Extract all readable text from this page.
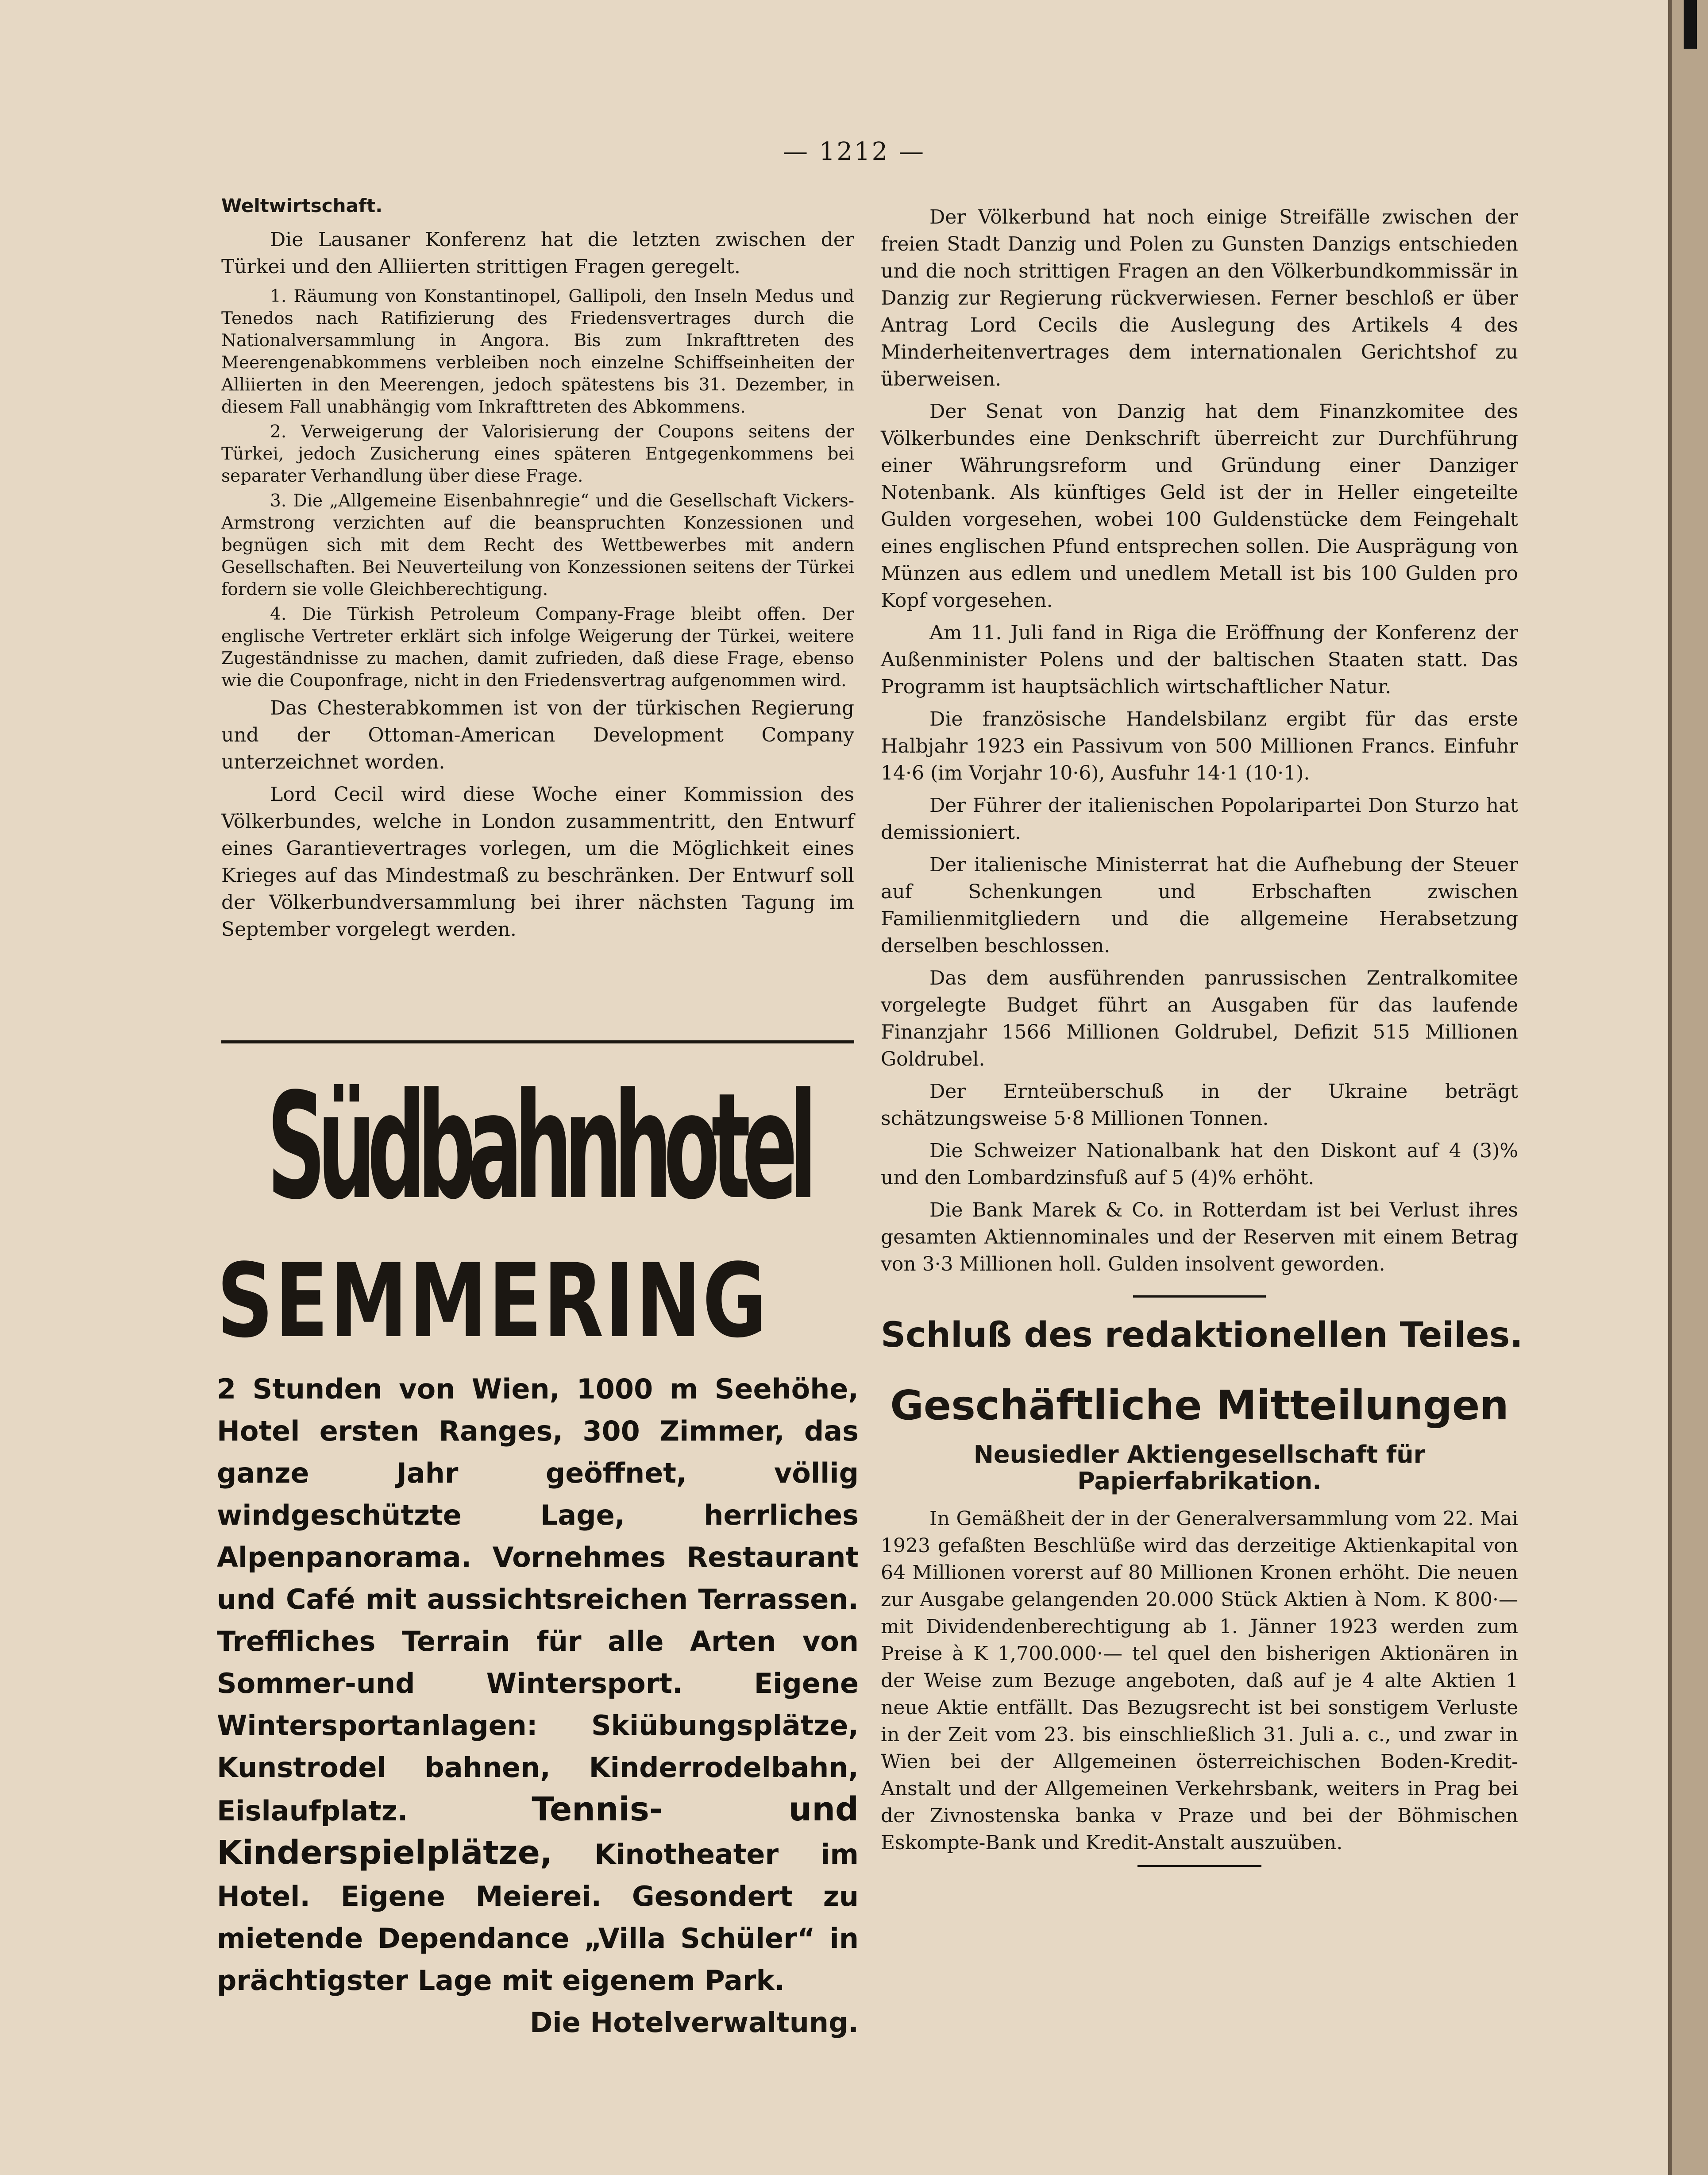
— 1212 —
Weltwirtschaft.

Die Lausaner Konferenz hat die letzten zwischen der Türkei und den Alliierten strittigen Fragen geregelt.

1. Räumung von Konstantinopel, Gallipoli, den Inseln Medus und Tenedos nach Ratifizierung des Friedensvertrages durch die Nationalversammlung in Angora. Bis zum Inkrafttreten des Meerengenabkommens verbleiben noch einzelne Schiffseinheiten der Alliierten in den Meerengen, jedoch spätestens bis 31. Dezember, in diesem Fall unabhängig vom Inkrafttreten des Abkommens.

2. Verweigerung der Valorisierung der Coupons seitens der Türkei, jedoch Zusicherung eines späteren Entgegenkommens bei separater Verhandlung über diese Frage.

3. Die „Allgemeine Eisenbahnregie“ und die Gesellschaft Vickers-Armstrong verzichten auf die beanspruchten Konzessionen und begnügen sich mit dem Recht des Wettbewerbes mit andern Gesellschaften. Bei Neuverteilung von Konzessionen seitens der Türkei fordern sie volle Gleichberechtigung.

4. Die Türkish Petroleum Company-Frage bleibt offen. Der englische Vertreter erklärt sich infolge Weigerung der Türkei, weitere Zugeständnisse zu machen, damit zufrieden, daß diese Frage, ebenso wie die Couponfrage, nicht in den Friedensvertrag aufgenommen wird.

Das Chesterabkommen ist von der türkischen Regierung und der Ottoman-American Development Company unterzeichnet worden.

Lord Cecil wird diese Woche einer Kommission des Völkerbundes, welche in London zusammentritt, den Entwurf eines Garantievertrages vorlegen, um die Möglichkeit eines Krieges auf das Mindestmaß zu beschränken. Der Entwurf soll der Völkerbundversammlung bei ihrer nächsten Tagung im September vorgelegt werden.

Südbahnhotel
SEMMERING
2 Stunden von Wien, 1000 m Seehöhe, Hotel ersten Ranges, 300 Zimmer, das ganze Jahr geöffnet, völlig windgeschützte Lage, herrliches Alpenpanorama. Vornehmes Restaurant und Café mit aussichtsreichen Terrassen. Treffliches Terrain für alle Arten von Sommer-und Wintersport. Eigene Wintersportanlagen: Skiübungsplätze, Kunstrodel bahnen, Kinderrodelbahn, Eislaufplatz.	Tennis- und Kinderspielplätze, Kinotheater im Hotel. Eigene Meierei. Gesondert zu mietende Dependance „Villa Schüler“ in prächtigster Lage mit eigenem Park.
Die Hotelverwaltung.

Der Völkerbund hat noch einige Streifälle zwischen der freien Stadt Danzig und Polen zu Gunsten Danzigs entschieden und die noch strittigen Fragen an den Völkerbundkommissär in Danzig zur Regierung rückverwiesen. Ferner beschloß er über Antrag Lord Cecils die Auslegung des Artikels 4 des Minderheitenvertrages dem internationalen Gerichtshof zu überweisen.

Der Senat von Danzig hat dem Finanzkomitee des Völkerbundes eine Denkschrift überreicht zur Durchführung einer Währungsreform und Gründung einer Danziger Notenbank. Als künftiges Geld ist der in Heller eingeteilte Gulden vorgesehen, wobei 100 Guldenstücke dem Feingehalt eines englischen Pfund entsprechen sollen. Die Ausprägung von Münzen aus edlem und unedlem Metall ist bis 100 Gulden pro Kopf vorgesehen.

Am 11. Juli fand in Riga die Eröffnung der Konferenz der Außenminister Polens und der baltischen Staaten statt. Das Programm ist hauptsächlich wirtschaftlicher Natur.

Die französische Handelsbilanz ergibt für das erste Halbjahr 1923 ein Passivum von 500 Millionen Francs. Einfuhr 14·6 (im Vorjahr 10·6), Ausfuhr 14·1 (10·1).

Der Führer der italienischen Popolaripartei Don Sturzo hat demissioniert.

Der italienische Ministerrat hat die Aufhebung der Steuer auf Schenkungen und Erbschaften zwischen Familienmitgliedern und die allgemeine Herabsetzung derselben beschlossen.

Das dem ausführenden panrussischen Zentralkomitee vorgelegte Budget führt an Ausgaben für das laufende Finanzjahr 1566 Millionen Goldrubel, Defizit 515 Millionen Goldrubel.

Der Ernteüberschuß in der Ukraine beträgt schätzungsweise 5·8 Millionen Tonnen.

Die Schweizer Nationalbank hat den Diskont auf 4 (3)% und den Lombardzinsfuß auf 5 (4)% erhöht.

Die Bank Marek & Co. in Rotterdam ist bei Verlust ihres gesamten Aktiennominales und der Reserven mit einem Betrag von 3·3 Millionen holl. Gulden insolvent geworden.

Schluß des redaktionellen Teiles.
Geschäftliche Mitteilungen
Neusiedler Aktiengesellschaft für Papierfabrikation.

In Gemäßheit der in der Generalversammlung vom 22. Mai 1923 gefaßten Beschlüße wird das derzeitige Aktienkapital von 64 Millionen vorerst auf 80 Millionen Kronen erhöht. Die neuen zur Ausgabe gelangenden 20.000 Stück Aktien à Nom. K 800·— mit Dividendenberechtigung ab 1. Jänner 1923 werden zum Preise à K 1,700.000·— tel quel den bisherigen Aktionären in der Weise zum Bezuge angeboten, daß auf je 4 alte Aktien 1 neue Aktie entfällt. Das Bezugsrecht ist bei sonstigem Verluste in der Zeit vom 23. bis einschließlich 31. Juli a. c., und zwar in Wien bei der Allgemeinen österreichischen Boden-Kredit-Anstalt und der Allgemeinen Verkehrsbank, weiters in Prag bei der Zivnostenska banka v Praze und bei der Böhmischen Eskompte-Bank und Kredit-Anstalt auszuüben.
